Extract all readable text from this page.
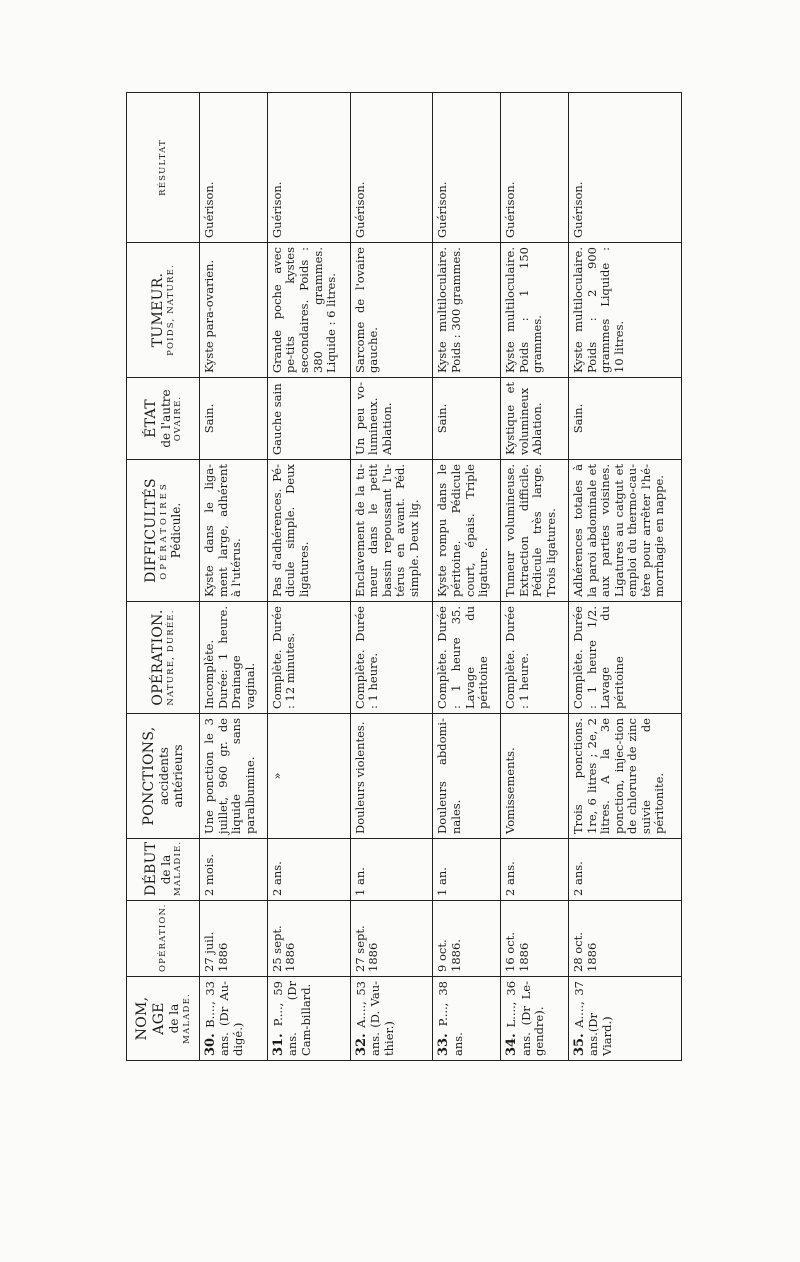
NOM, AGE de la MALADE.	OPÉRATION.	DÉBUT de la MALADIE.	PONCTIONS, accidents antérieurs	OPÉRATION. NATURE, DURÉE.	DIFFICULTÉS OPÉRATOIRES Pédicule.	ÉTAT de l'autre OVAIRE.	TUMEUR. POIDS, NATURE.	RÉSULTAT

30. B...., 33 ans. (Dr Au-digé.)	27 juil. 1886	2 mois.	Une ponction le 3 juillet, 960 gr. de liquide sans paralbumine.	Incomplète. Durée: 1 heure. Drainage vaginal.	Kyste dans le liga-ment large, adhérent à l'utérus.	Sain.	Kyste para-ovarien.	Guérison.
31. P...., 59 ans. (Dr Cam-billard.	25 sept. 1886	2 ans.	»	Complète. Durée : 12 minutes.	Pas d'adhérences. Pé-dicule simple. Deux ligatures.	Gauche sain	Grande poche avec pe-tits kystes secondaires. Poids : 380 grammes. Liquide : 6 litres.	Guérison.
32. A...., 53 ans. (D. Vau-thier.)	27 sept. 1886	1 an.	Douleurs violentes.	Complète. Durée : 1 heure.	Enclavement de la tu-meur dans le petit bassin repoussant l'u-térus en avant. Péd. simple. Deux lig.	Un peu vo-lumineux. Ablation.	Sarcome de l'ovaire gauche.	Guérison.
33. P...., 38 ans.	9 oct. 1886.	1 an.	Douleurs abdomi-nales.	Complète. Durée : 1 heure 35. Lavage du péritoine	Kyste rompu dans le péritoine. Pédicule court, épais. Triple ligature.	Sain.	Kyste multiloculaire. Poids : 300 grammes.	Guérison.
34. L...., 36 ans. (Dr Le-gendre).	16 oct. 1886	2 ans.	Vomissements.	Complète. Durée : 1 heure.	Tumeur volumineuse. Extraction difficile. Pédicule très large. Trois ligatures.	Kystique et volumineux Ablation.	Kyste multiloculaire. Poids : 1 150 grammes.	Guérison.
35. A...., 37 ans.(Dr Viard.)	28 oct. 1886	2 ans.	Trois ponctions. 1re, 6 litres ; 2e, 2 litres. A la 3e ponction, injec-tion de chlorure de zinc suivie de péritonite.	Complète. Durée : 1 heure 1/2. Lavage du péritoine	Adhérences totales à la paroi abdominale et aux parties voisines. Ligatures au catgut et emploi du thermo-cau-tère pour arrêter l'hé-morrhagie en nappe.	Sain.	Kyste multiloculaire. Poids : 2 900 grammes Liquide : 10 litres.	Guérison.
